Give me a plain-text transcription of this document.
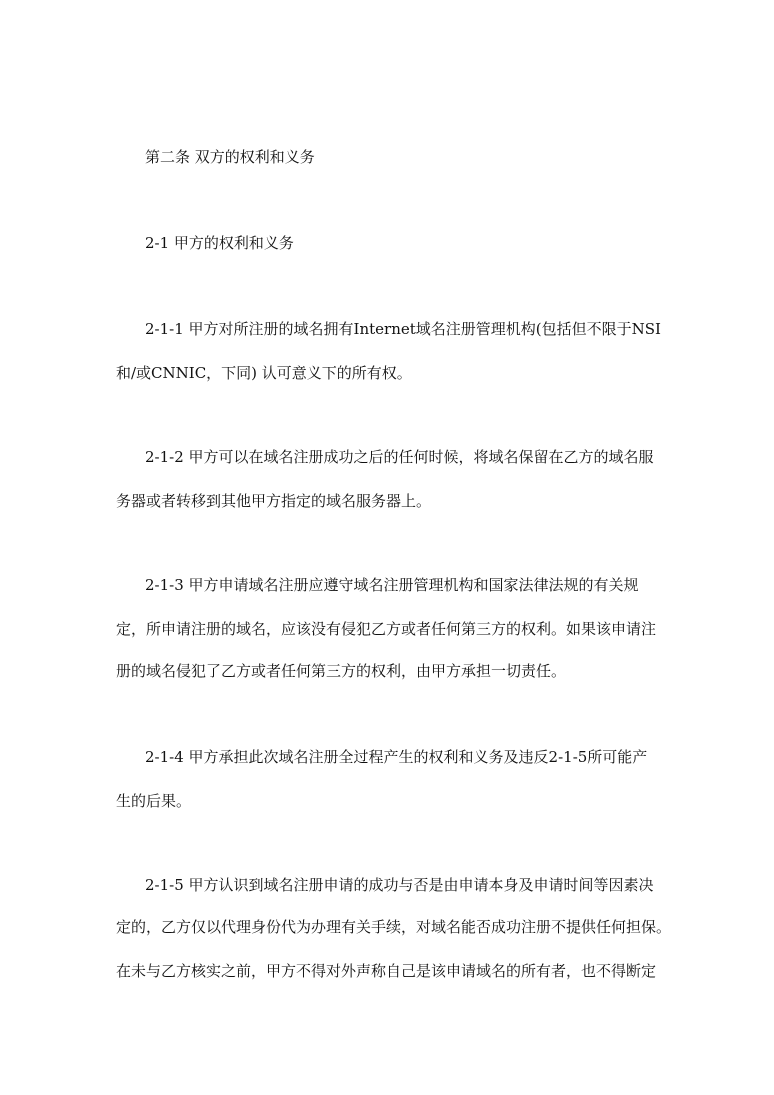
第二条 双方的权利和义务
2-1 甲方的权利和义务
2-1-1 甲方对所注册的域名拥有Internet域名注册管理机构(包括但不限于NSI
和/或CNNIC，下同) 认可意义下的所有权。
2-1-2 甲方可以在域名注册成功之后的任何时候，将域名保留在乙方的域名服
务器或者转移到其他甲方指定的域名服务器上。
2-1-3 甲方申请域名注册应遵守域名注册管理机构和国家法律法规的有关规
定，所申请注册的域名，应该没有侵犯乙方或者任何第三方的权利。如果该申请注
册的域名侵犯了乙方或者任何第三方的权利，由甲方承担一切责任。
2-1-4 甲方承担此次域名注册全过程产生的权利和义务及违反2-1-5所可能产
生的后果。
2-1-5 甲方认识到域名注册申请的成功与否是由申请本身及申请时间等因素决
定的，乙方仅以代理身份代为办理有关手续，对域名能否成功注册不提供任何担保。
在未与乙方核实之前，甲方不得对外声称自己是该申请域名的所有者，也不得断定
